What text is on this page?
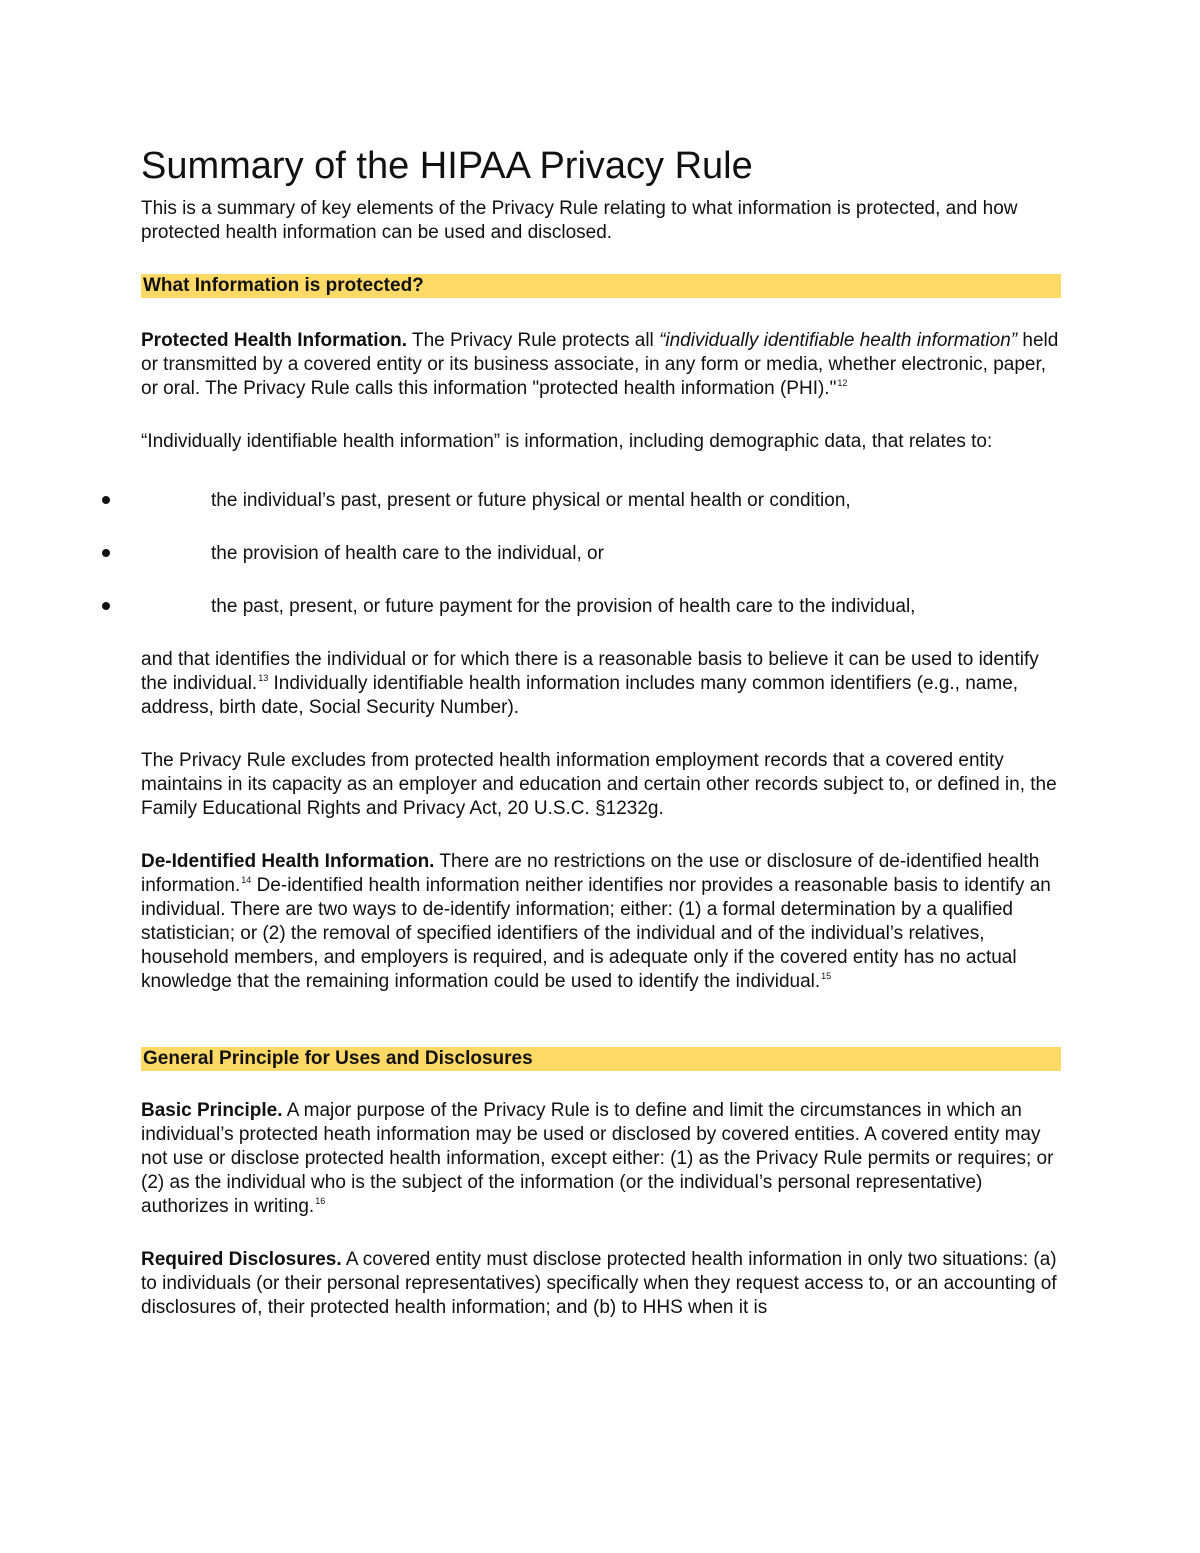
Summary of the HIPAA Privacy Rule

This is a summary of key elements of the Privacy Rule relating to what information is protected, and how protected health information can be used and disclosed.

What Information is protected?

Protected Health Information. The Privacy Rule protects all “individually identifiable health information” held or transmitted by a covered entity or its business associate, in any form or media, whether electronic, paper, or oral. The Privacy Rule calls this information "protected health information (PHI)."$^{12}$

“Individually identifiable health information” is information, including demographic data, that relates to:

the individual’s past, present or future physical or mental health or condition,
the provision of health care to the individual, or
the past, present, or future payment for the provision of health care to the individual,

and that identifies the individual or for which there is a reasonable basis to believe it can be used to identify the individual.$^{13}$ Individually identifiable health information includes many common identifiers (e.g., name, address, birth date, Social Security Number).

The Privacy Rule excludes from protected health information employment records that a covered entity maintains in its capacity as an employer and education and certain other records subject to, or defined in, the Family Educational Rights and Privacy Act, 20 U.S.C. §1232g.

De-Identified Health Information. There are no restrictions on the use or disclosure of de-identified health information.$^{14}$ De-identified health information neither identifies nor provides a reasonable basis to identify an individual. There are two ways to de-identify information; either: (1) a formal determination by a qualified statistician; or (2) the removal of specified identifiers of the individual and of the individual’s relatives, household members, and employers is required, and is adequate only if the covered entity has no actual knowledge that the remaining information could be used to identify the individual.$^{15}$

General Principle for Uses and Disclosures

Basic Principle. A major purpose of the Privacy Rule is to define and limit the circumstances in which an individual’s protected heath information may be used or disclosed by covered entities. A covered entity may not use or disclose protected health information, except either: (1) as the Privacy Rule permits or requires; or (2) as the individual who is the subject of the information (or the individual’s personal representative) authorizes in writing.$^{16}$

Required Disclosures. A covered entity must disclose protected health information in only two situations: (a) to individuals (or their personal representatives) specifically when they request access to, or an accounting of disclosures of, their protected health information; and (b) to HHS when it is
